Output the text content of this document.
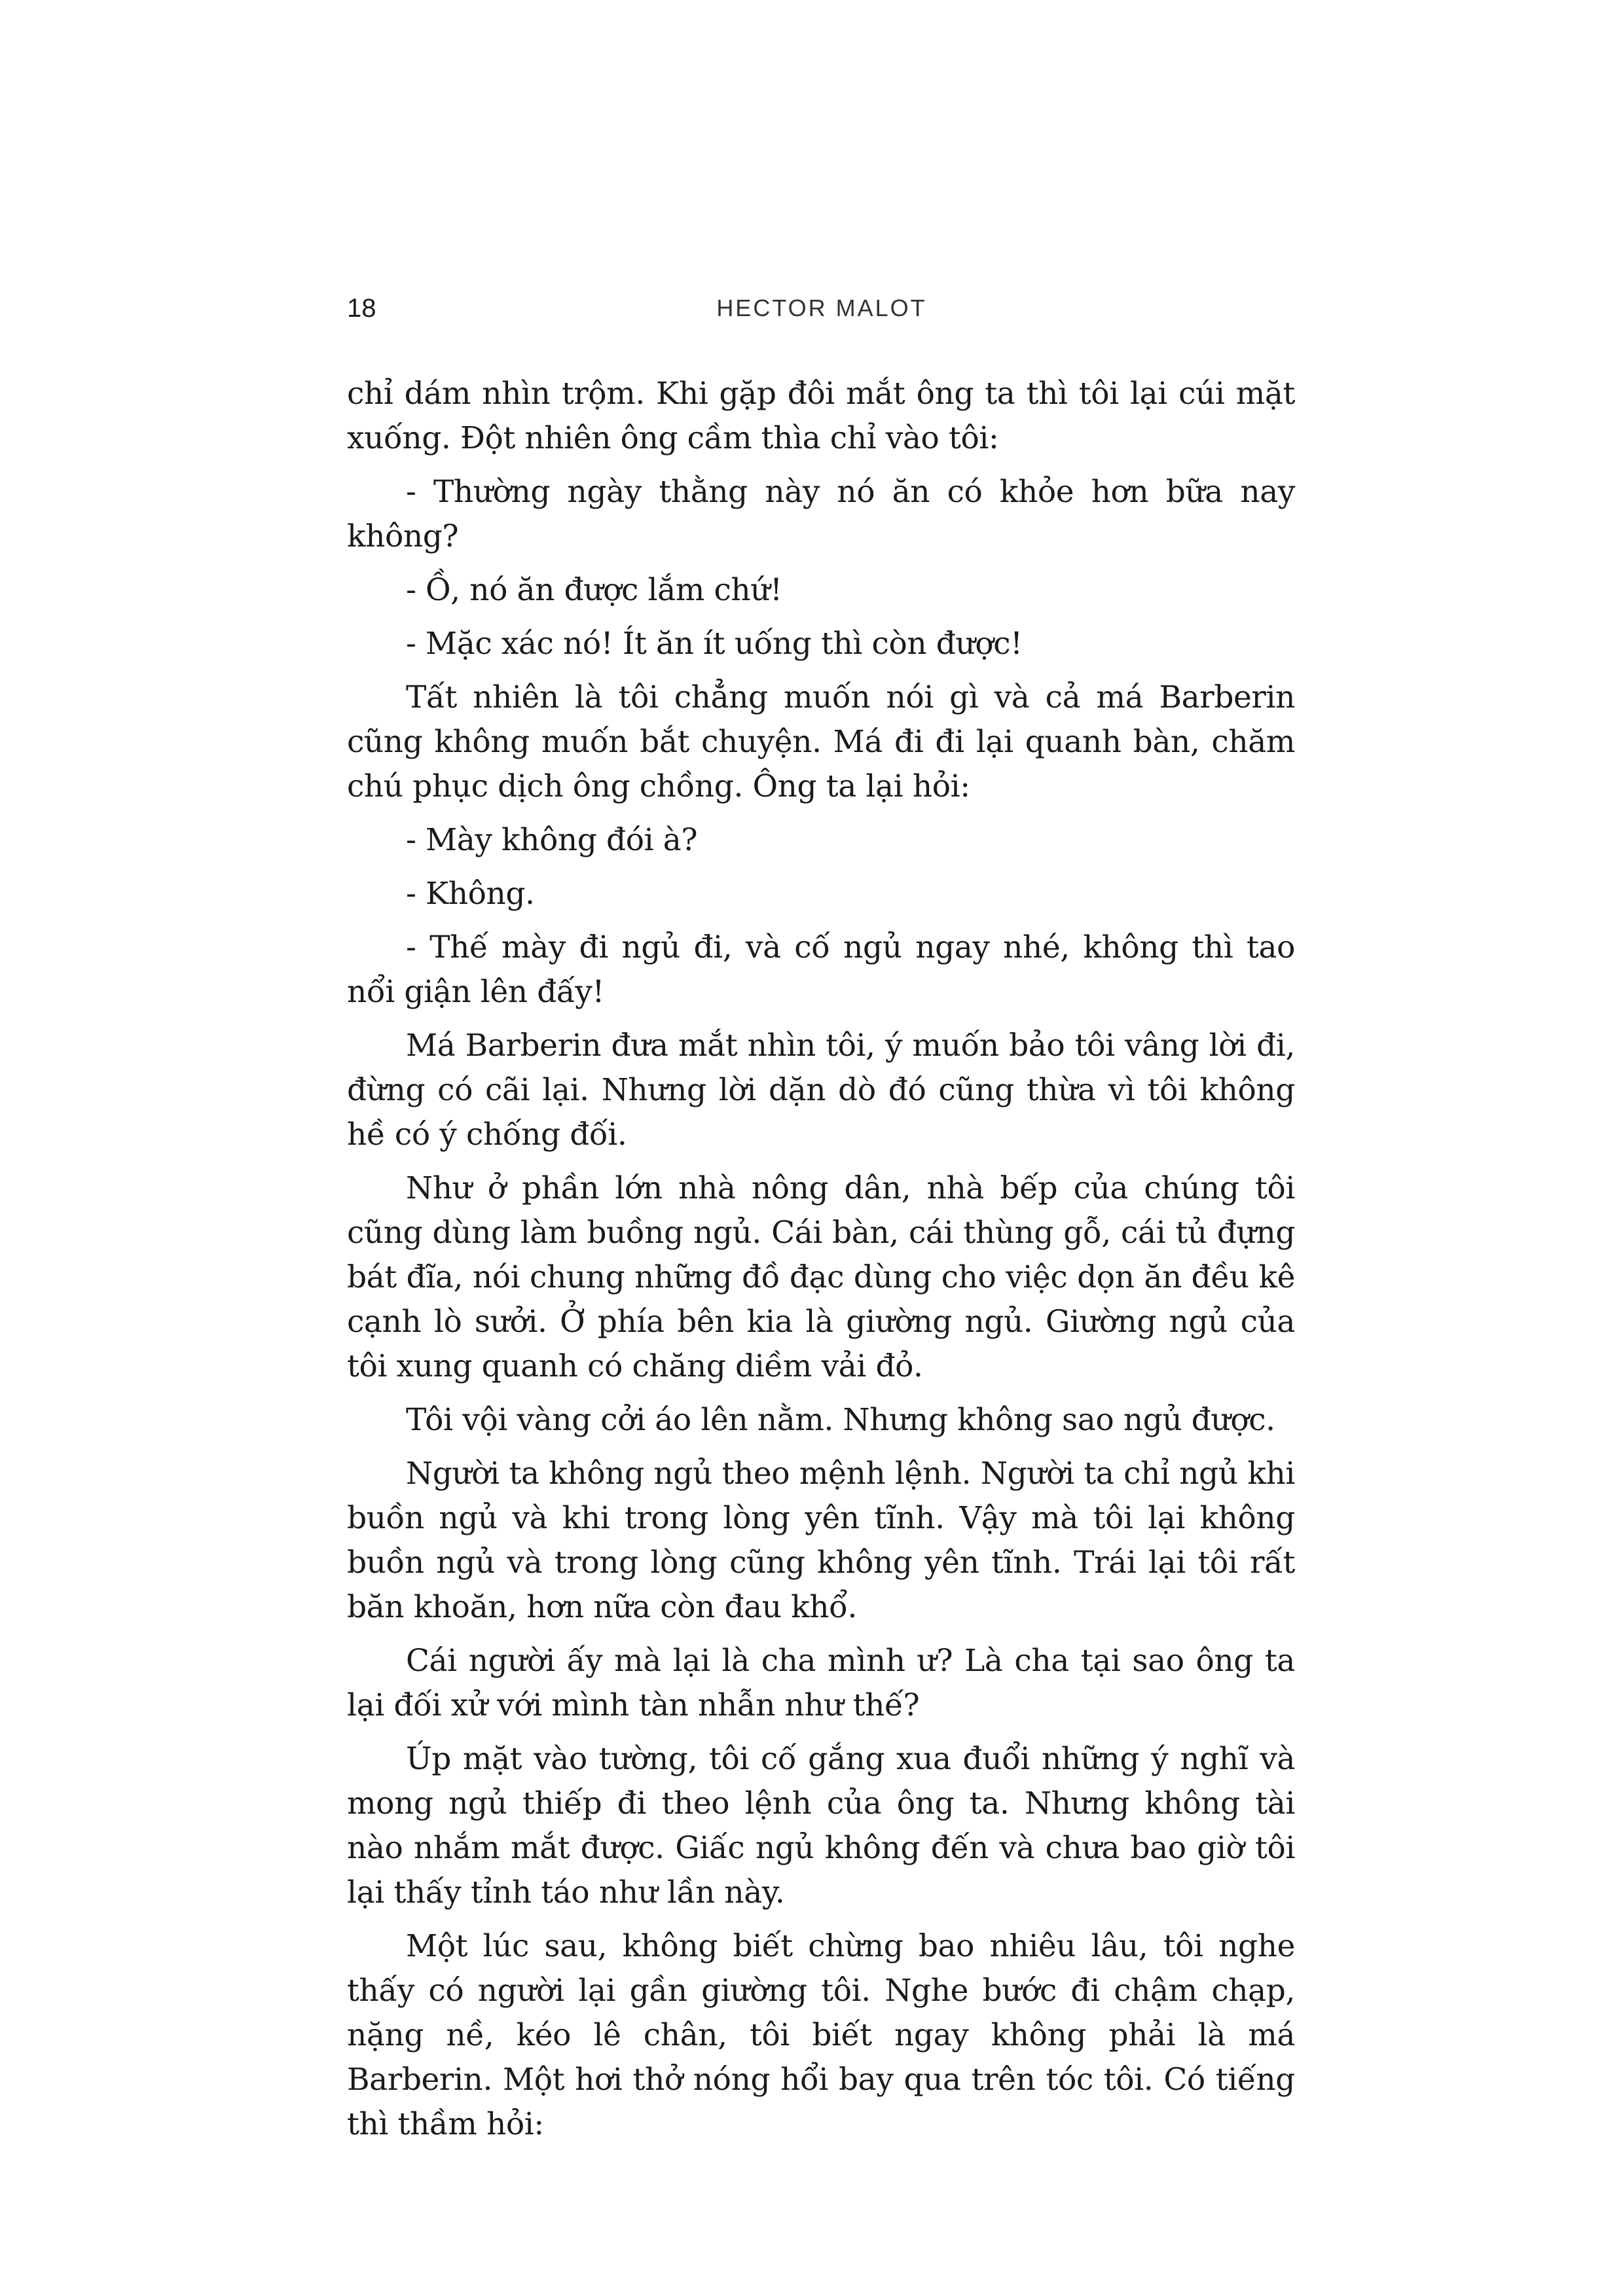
18	HECTOR MALOT

chỉ dám nhìn trộm. Khi gặp đôi mắt ông ta thì tôi lại cúi mặt xuống. Đột nhiên ông cầm thìa chỉ vào tôi:

- Thường ngày thằng này nó ăn có khỏe hơn bữa nay không?

- Ồ, nó ăn được lắm chứ!

- Mặc xác nó! Ít ăn ít uống thì còn được!

Tất nhiên là tôi chẳng muốn nói gì và cả má Barberin cũng không muốn bắt chuyện. Má đi đi lại quanh bàn, chăm chú phục dịch ông chồng. Ông ta lại hỏi:

- Mày không đói à?

- Không.

- Thế mày đi ngủ đi, và cố ngủ ngay nhé, không thì tao nổi giận lên đấy!

Má Barberin đưa mắt nhìn tôi, ý muốn bảo tôi vâng lời đi, đừng có cãi lại. Nhưng lời dặn dò đó cũng thừa vì tôi không hề có ý chống đối.

Như ở phần lớn nhà nông dân, nhà bếp của chúng tôi cũng dùng làm buồng ngủ. Cái bàn, cái thùng gỗ, cái tủ đựng bát đĩa, nói chung những đồ đạc dùng cho việc dọn ăn đều kê cạnh lò sưởi. Ở phía bên kia là giường ngủ. Giường ngủ của tôi xung quanh có chăng diềm vải đỏ.

Tôi vội vàng cởi áo lên nằm. Nhưng không sao ngủ được.

Người ta không ngủ theo mệnh lệnh. Người ta chỉ ngủ khi buồn ngủ và khi trong lòng yên tĩnh. Vậy mà tôi lại không buồn ngủ và trong lòng cũng không yên tĩnh. Trái lại tôi rất băn khoăn, hơn nữa còn đau khổ.

Cái người ấy mà lại là cha mình ư? Là cha tại sao ông ta lại đối xử với mình tàn nhẫn như thế?

Úp mặt vào tường, tôi cố gắng xua đuổi những ý nghĩ và mong ngủ thiếp đi theo lệnh của ông ta. Nhưng không tài nào nhắm mắt được. Giấc ngủ không đến và chưa bao giờ tôi lại thấy tỉnh táo như lần này.

Một lúc sau, không biết chừng bao nhiêu lâu, tôi nghe thấy có người lại gần giường tôi. Nghe bước đi chậm chạp, nặng nề, kéo lê chân, tôi biết ngay không phải là má Barberin. Một hơi thở nóng hổi bay qua trên tóc tôi. Có tiếng thì thầm hỏi:
